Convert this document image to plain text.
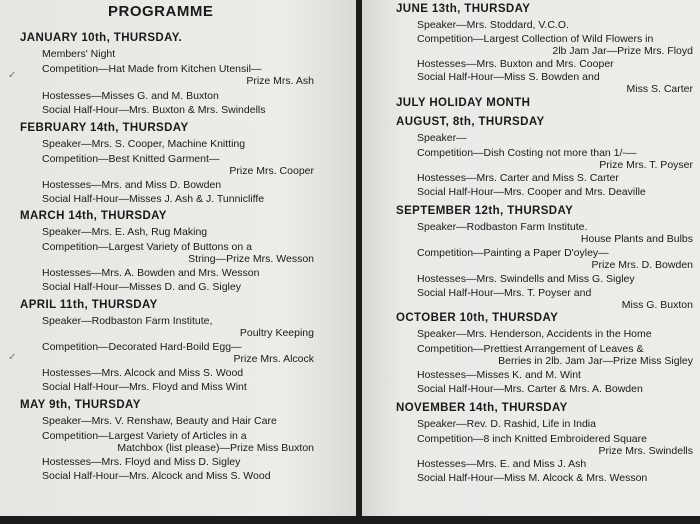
PROGRAMME
JANUARY 10th, THURSDAY.
Members' Night
Competition—Hat Made from Kitchen Utensil—
Prize Mrs. Ash
Hostesses—Misses G. and M. Buxton
Social Half-Hour—Mrs. Buxton & Mrs. Swindells
FEBRUARY 14th, THURSDAY
Speaker—Mrs. S. Cooper, Machine Knitting
Competition—Best Knitted Garment—
Prize Mrs. Cooper
Hostesses—Mrs. and Miss D. Bowden
Social Half-Hour—Misses J. Ash & J. Tunnicliffe
MARCH 14th, THURSDAY
Speaker—Mrs. E. Ash, Rug Making
Competition—Largest Variety of Buttons on a
String—Prize Mrs. Wesson
Hostesses—Mrs. A. Bowden and Mrs. Wesson
Social Half-Hour—Misses D. and G. Sigley
APRIL 11th, THURSDAY
Speaker—Rodbaston Farm Institute,
Poultry Keeping
Competition—Decorated Hard-Boild Egg—
Prize Mrs. Alcock
Hostesses—Mrs. Alcock and Miss S. Wood
Social Half-Hour—Mrs. Floyd and Miss Wint
MAY 9th, THURSDAY
Speaker—Mrs. V. Renshaw, Beauty and Hair Care
Competition—Largest Variety of Articles in a
Matchbox (list please)—Prize Miss Buxton
Hostesses—Mrs. Floyd and Miss D. Sigley
Social Half-Hour—Mrs. Alcock and Miss S. Wood
✓
✓
JUNE 13th, THURSDAY
Speaker—Mrs. Stoddard, V.C.O.
Competition—Largest Collection of Wild Flowers in
2lb Jam Jar—Prize Mrs. Floyd
Hostesses—Mrs. Buxton and Mrs. Cooper
Social Half-Hour—Miss S. Bowden and
Miss S. Carter
JULY HOLIDAY MONTH
AUGUST, 8th, THURSDAY
Speaker—
Competition—Dish Costing not more than 1/-—
Prize Mrs. T. Poyser
Hostesses—Mrs. Carter and Miss S. Carter
Social Half-Hour—Mrs. Cooper and Mrs. Deaville
SEPTEMBER 12th, THURSDAY
Speaker—Rodbaston Farm Institute.
House Plants and Bulbs
Competition—Painting a Paper D'oyley—
Prize Mrs. D. Bowden
Hostesses—Mrs. Swindells and Miss G. Sigley
Social Half-Hour—Mrs. T. Poyser and
Miss G. Buxton
OCTOBER 10th, THURSDAY
Speaker—Mrs. Henderson, Accidents in the Home
Competition—Prettiest Arrangement of Leaves &
Berries in 2lb. Jam Jar—Prize Miss Sigley
Hostesses—Misses K. and M. Wint
Social Half-Hour—Mrs. Carter & Mrs. A. Bowden
NOVEMBER 14th, THURSDAY
Speaker—Rev. D. Rashid, Life in India
Competition—8 inch Knitted Embroidered Square
Prize Mrs. Swindells
Hostesses—Mrs. E. and Miss J. Ash
Social Half-Hour—Miss M. Alcock & Mrs. Wesson
